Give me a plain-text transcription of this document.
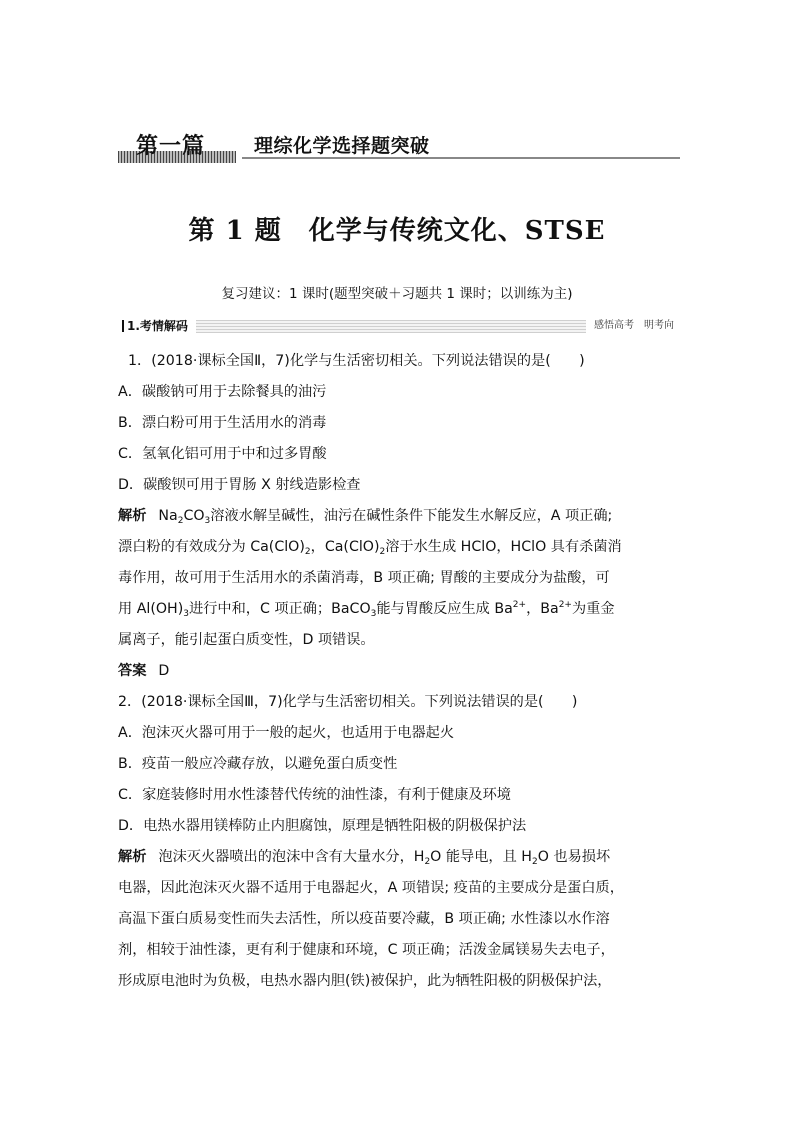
第一篇	理综化学选择题突破
第 1 题　化学与传统文化、STSE
复习建议：1 课时(题型突破＋习题共 1 课时；以训练为主)
1.考情解码	感悟高考　明考向
1．(2018·课标全国Ⅱ，7)化学与生活密切相关。下列说法错误的是(　　)
A．碳酸钠可用于去除餐具的油污
B．漂白粉可用于生活用水的消毒
C．氢氧化铝可用于中和过多胃酸
D．碳酸钡可用于胃肠 X 射线造影检查
解析 $Na_2CO_3$溶液水解呈碱性，油污在碱性条件下能发生水解反应，A 项正确;
漂白粉的有效成分为 $Ca(ClO)_2$，$Ca(ClO)_2$溶于水生成 HClO，HClO 具有杀菌消
毒作用，故可用于生活用水的杀菌消毒，B 项正确; 胃酸的主要成分为盐酸，可
用 $Al(OH)_3$进行中和，C 项正确；BaCO$_3$能与胃酸反应生成 $Ba^{2+}$，$Ba^{2+}$为重金
属离子，能引起蛋白质变性，D 项错误。
答案 D
2．(2018·课标全国Ⅲ，7)化学与生活密切相关。下列说法错误的是(　　)
A．泡沫灭火器可用于一般的起火，也适用于电器起火
B．疫苗一般应冷藏存放，以避免蛋白质变性
C．家庭装修时用水性漆替代传统的油性漆，有利于健康及环境
D．电热水器用镁棒防止内胆腐蚀，原理是牺牲阳极的阴极保护法
解析 泡沫灭火器喷出的泡沫中含有大量水分，$H_2O$ 能导电，且 $H_2O$ 也易损坏
电器，因此泡沫灭火器不适用于电器起火，A 项错误; 疫苗的主要成分是蛋白质，
高温下蛋白质易变性而失去活性，所以疫苗要冷藏，B 项正确; 水性漆以水作溶
剂，相较于油性漆，更有利于健康和环境，C 项正确；活泼金属镁易失去电子，
形成原电池时为负极，电热水器内胆(铁)被保护，此为牺牲阳极的阴极保护法，
